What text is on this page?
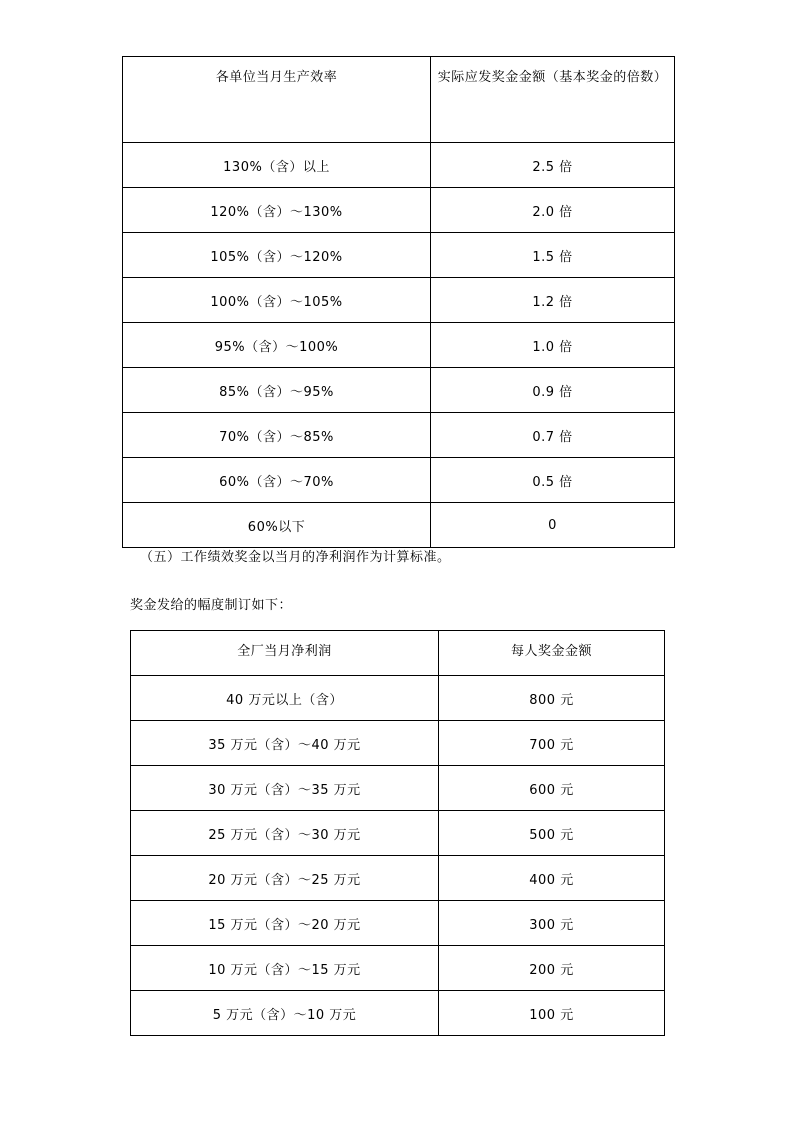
各单位当月生产效率	实际应发奖金金额（基本奖金的倍数）
130%（含）以上	2.5 倍
120%（含）～130%	2.0 倍
105%（含）～120%	1.5 倍
100%（含）～105%	1.2 倍
95%（含）～100%	1.0 倍
85%（含）～95%	0.9 倍
70%（含）～85%	0.7 倍
60%（含）～70%	0.5 倍
60%以下	0
（五）工作绩效奖金以当月的净利润作为计算标准。
奖金发给的幅度制订如下：
全厂当月净利润	每人奖金金额
40 万元以上（含）	800 元
35 万元（含）～40 万元	700 元
30 万元（含）～35 万元	600 元
25 万元（含）～30 万元	500 元
20 万元（含）～25 万元	400 元
15 万元（含）～20 万元	300 元
10 万元（含）～15 万元	200 元
5 万元（含）～10 万元	100 元
